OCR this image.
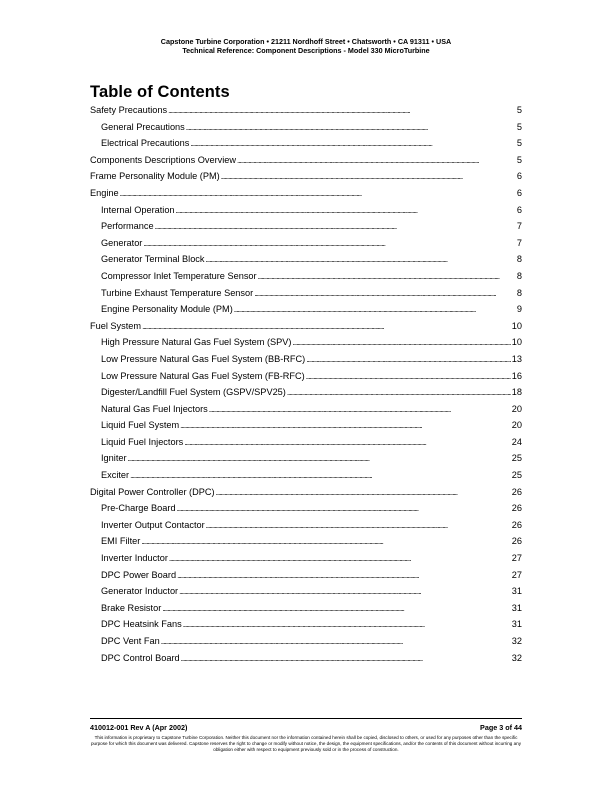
Capstone Turbine Corporation • 21211 Nordhoff Street • Chatsworth • CA 91311 • USA
Technical Reference: Component Descriptions - Model 330 MicroTurbine
Table of Contents
Safety Precautions . . .	5
General Precautions . . .	5
Electrical Precautions . . .	5
Components Descriptions Overview . . .	5
Frame Personality Module (PM) . . .	6
Engine . . .	6
Internal Operation . . .	6
Performance . . .	7
Generator . . .	7
Generator Terminal Block . . .	8
Compressor Inlet Temperature Sensor . . .	8
Turbine Exhaust Temperature Sensor . . .	8
Engine Personality Module (PM) . . .	9
Fuel System . . .	10
High Pressure Natural Gas Fuel System (SPV) . . .	10
Low Pressure Natural Gas Fuel System (BB-RFC) . . .	13
Low Pressure Natural Gas Fuel System (FB-RFC) . . .	16
Digester/Landfill Fuel System (GSPV/SPV25) . . .	18
Natural Gas Fuel Injectors . . .	20
Liquid Fuel System . . .	20
Liquid Fuel Injectors . . .	24
Igniter . . .	25
Exciter . . .	25
Digital Power Controller (DPC) . . .	26
Pre-Charge Board . . .	26
Inverter Output Contactor . . .	26
EMI Filter . . .	26
Inverter Inductor . . .	27
DPC Power Board . . .	27
Generator Inductor . . .	31
Brake Resistor . . .	31
DPC Heatsink Fans . . .	31
DPC Vent Fan . . .	32
DPC Control Board . . .	32
410012-001 Rev A (Apr 2002)	Page 3 of 44
This information is proprietary to Capstone Turbine Corporation. Neither this document nor the information contained herein shall be copied, disclosed to others, or used for any purposes other than the specific purpose for which this document was delivered. Capstone reserves the right to change or modify without notice, the design, the equipment specifications, and/or the contents of this document without incurring any obligation either with respect to equipment previously sold or in the process of construction.
